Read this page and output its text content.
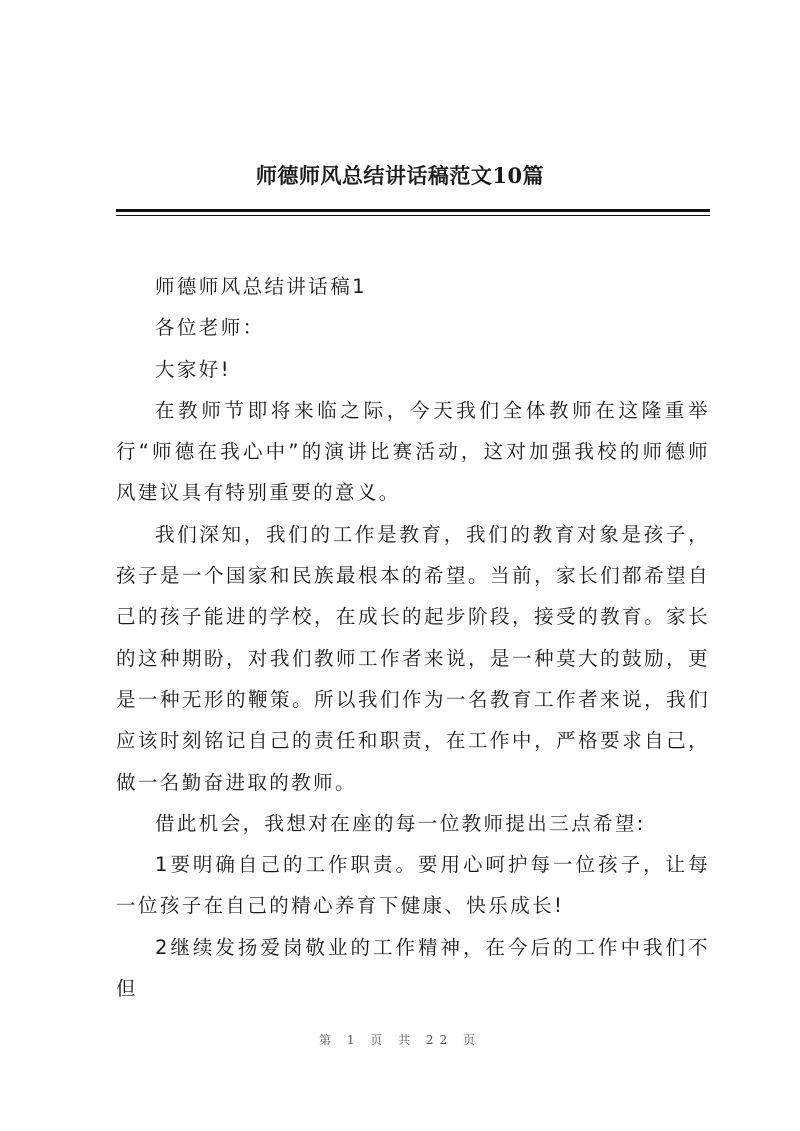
师德师风总结讲话稿范文10篇

师德师风总结讲话稿1

各位老师：

大家好!

在教师节即将来临之际，今天我们全体教师在这隆重举行“师德在我心中”的演讲比赛活动，这对加强我校的师德师风建议具有特别重要的意义。

我们深知，我们的工作是教育，我们的教育对象是孩子，孩子是一个国家和民族最根本的希望。当前，家长们都希望自己的孩子能进的学校，在成长的起步阶段，接受的教育。家长的这种期盼，对我们教师工作者来说，是一种莫大的鼓励，更是一种无形的鞭策。所以我们作为一名教育工作者来说，我们应该时刻铭记自己的责任和职责，在工作中，严格要求自己，做一名勤奋进取的教师。

借此机会，我想对在座的每一位教师提出三点希望:

1要明确自己的工作职责。要用心呵护每一位孩子，让每一位孩子在自己的精心养育下健康、快乐成长!

2继续发扬爱岗敬业的工作精神，在今后的工作中我们不但

第 1 页 共 22 页
